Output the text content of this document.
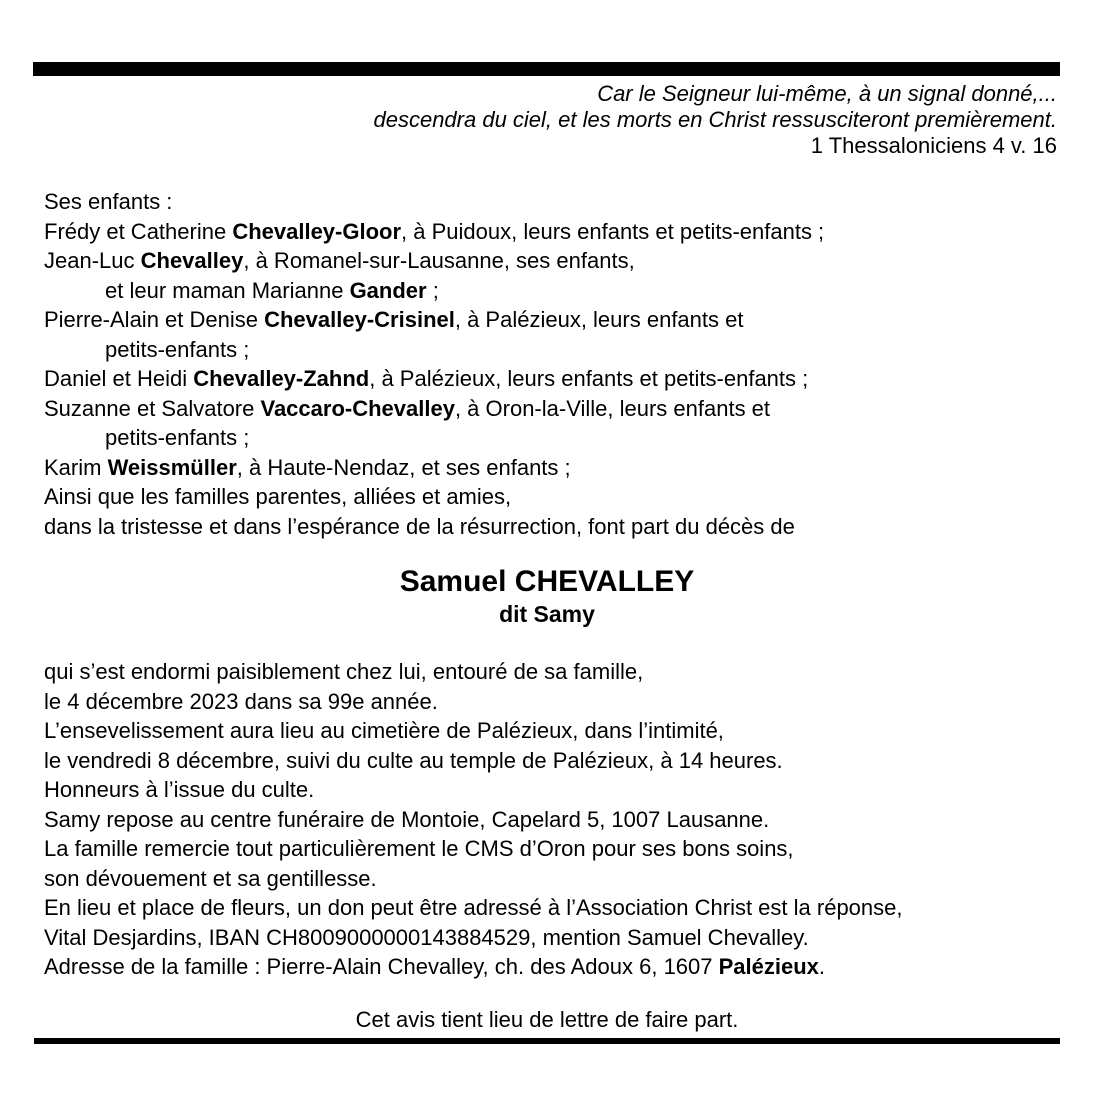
Car le Seigneur lui-même, à un signal donné,...
descendra du ciel, et les morts en Christ ressusciteront premièrement.
1 Thessaloniciens 4 v. 16
Ses enfants :
Frédy et Catherine Chevalley-Gloor, à Puidoux, leurs enfants et petits-enfants ;
Jean-Luc Chevalley, à Romanel-sur-Lausanne, ses enfants,
et leur maman Marianne Gander ;
Pierre-Alain et Denise Chevalley-Crisinel, à Palézieux, leurs enfants et
petits-enfants ;
Daniel et Heidi Chevalley-Zahnd, à Palézieux, leurs enfants et petits-enfants ;
Suzanne et Salvatore Vaccaro-Chevalley, à Oron-la-Ville, leurs enfants et
petits-enfants ;
Karim Weissmüller, à Haute-Nendaz, et ses enfants ;
Ainsi que les familles parentes, alliées et amies,
dans la tristesse et dans l’espérance de la résurrection, font part du décès de
Samuel CHEVALLEY
dit Samy
qui s’est endormi paisiblement chez lui, entouré de sa famille,
le 4 décembre 2023 dans sa 99e année.
L’ensevelissement aura lieu au cimetière de Palézieux, dans l’intimité,
le vendredi 8 décembre, suivi du culte au temple de Palézieux, à 14 heures.
Honneurs à l’issue du culte.
Samy repose au centre funéraire de Montoie, Capelard 5, 1007 Lausanne.
La famille remercie tout particulièrement le CMS d’Oron pour ses bons soins,
son dévouement et sa gentillesse.
En lieu et place de fleurs, un don peut être adressé à l’Association Christ est la réponse,
Vital Desjardins, IBAN CH8009000000143884529, mention Samuel Chevalley.
Adresse de la famille : Pierre-Alain Chevalley, ch. des Adoux 6, 1607 Palézieux.
Cet avis tient lieu de lettre de faire part.
